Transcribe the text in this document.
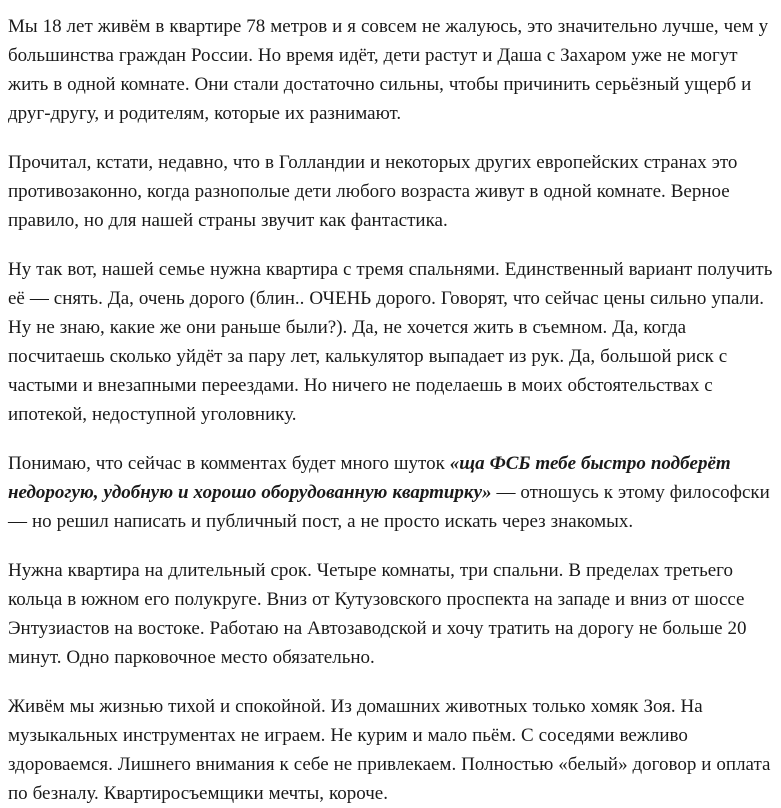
Мы 18 лет живём в квартире 78 метров и я совсем не жалуюсь, это значительно лучше, чем у большинства граждан России. Но время идёт, дети растут и Даша с Захаром уже не могут жить в одной комнате. Они стали достаточно сильны, чтобы причинить серьёзный ущерб и друг-другу, и родителям, которые их разнимают.

Прочитал, кстати, недавно, что в Голландии и некоторых других европейских странах это противозаконно, когда разнополые дети любого возраста живут в одной комнате. Верное правило, но для нашей страны звучит как фантастика.

Ну так вот, нашей семье нужна квартира с тремя спальнями. Единственный вариант получить её — снять. Да, очень дорого (блин.. ОЧЕНЬ дорого. Говорят, что сейчас цены сильно упали. Ну не знаю, какие же они раньше были?). Да, не хочется жить в съемном. Да, когда посчитаешь сколько уйдёт за пару лет, калькулятор выпадает из рук. Да, большой риск с частыми и внезапными переездами. Но ничего не поделаешь в моих обстоятельствах с ипотекой, недоступной уголовнику.

Понимаю, что сейчас в комментах будет много шуток «ща ФСБ тебе быстро подберёт недорогую, удобную и хорошо оборудованную квартирку» — отношусь к этому философски — но решил написать и публичный пост, а не просто искать через знакомых.

Нужна квартира на длительный срок. Четыре комнаты, три спальни. В пределах третьего кольца в южном его полукруге. Вниз от Кутузовского проспекта на западе и вниз от шоссе Энтузиастов на востоке. Работаю на Автозаводской и хочу тратить на дорогу не больше 20 минут. Одно парковочное место обязательно.

Живём мы жизнью тихой и спокойной. Из домашних животных только хомяк Зоя. На музыкальных инструментах не играем. Не курим и мало пьём. С соседями вежливо здороваемся. Лишнего внимания к себе не привлекаем. Полностью «белый» договор и оплата по безналу. Квартиросъемщики мечты, короче.
